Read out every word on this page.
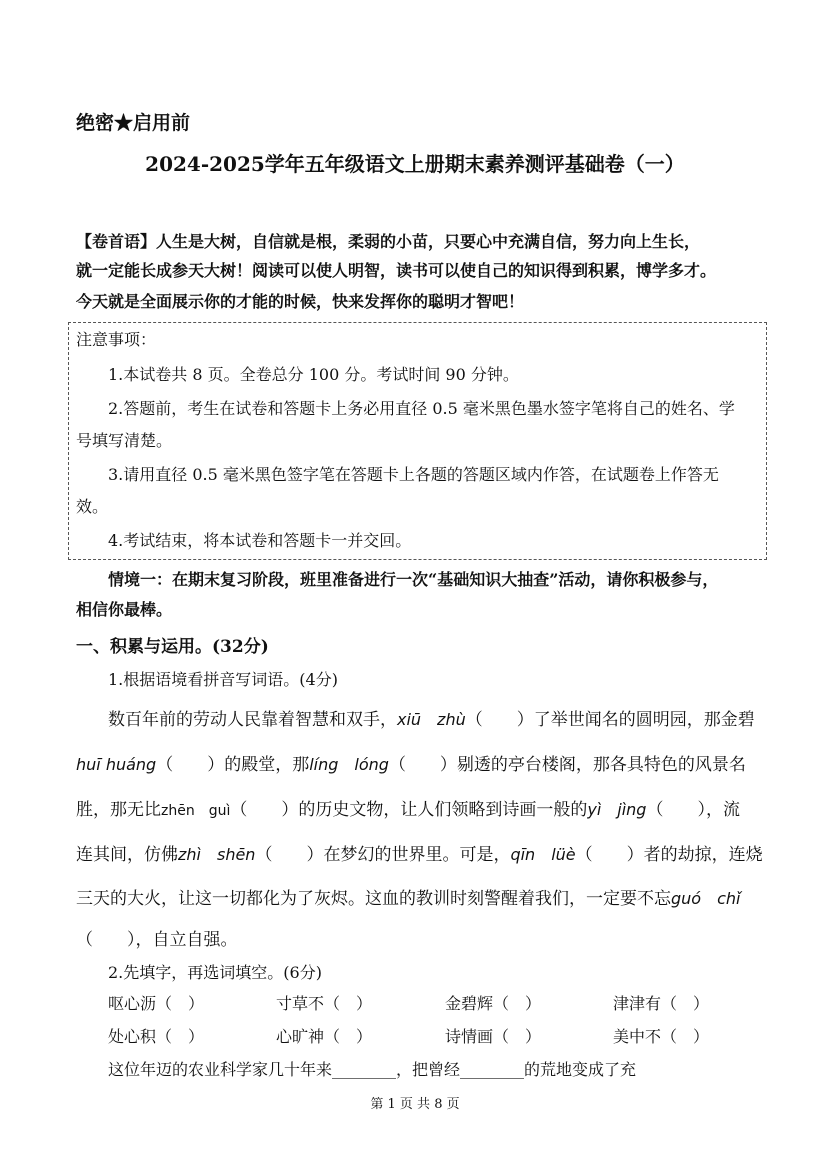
绝密★启用前
2024-2025学年五年级语文上册期末素养测评基础卷（一）
【卷首语】人生是大树，自信就是根，柔弱的小苗，只要心中充满自信，努力向上生长，
就一定能长成参天大树！阅读可以使人明智，读书可以使自己的知识得到积累，博学多才。
今天就是全面展示你的才能的时候，快来发挥你的聪明才智吧！
注意事项：
1.本试卷共 8 页。全卷总分 100 分。考试时间 90 分钟。
2.答题前，考生在试卷和答题卡上务必用直径 0.5 毫米黑色墨水签字笔将自己的姓名、学
号填写清楚。
3.请用直径 0.5 毫米黑色签字笔在答题卡上各题的答题区域内作答，在试题卷上作答无
效。
4.考试结束，将本试卷和答题卡一并交回。
情境一：在期末复习阶段，班里准备进行一次“基础知识大抽查”活动，请你积极参与，
相信你最棒。
一、积累与运用。(32分)
1.根据语境看拼音写词语。(4分)
数百年前的劳动人民靠着智慧和双手，xiū　zhù（　　）了举世闻名的圆明园，那金碧
huī huáng（　　）的殿堂，那líng　lóng（　　）剔透的亭台楼阁，那各具特色的风景名
胜，那无比zhēn　guì（　　）的历史文物，让人们领略到诗画一般的yì　jìng（　　），流
连其间，仿佛zhì　shēn（　　）在梦幻的世界里。可是，qīn　lüè（　　）者的劫掠，连烧
三天的大火，让这一切都化为了灰烬。这血的教训时刻警醒着我们，一定要不忘guó　chǐ
（　　），自立自强。
2.先填字，再选词填空。(6分)
呕心沥（　）	寸草不（　）	金碧辉（　）	津津有（　）
处心积（　）	心旷神（　）	诗情画（　）	美中不（　）
这位年迈的农业科学家几十年来________，把曾经________的荒地变成了充
第 1 页 共 8 页
